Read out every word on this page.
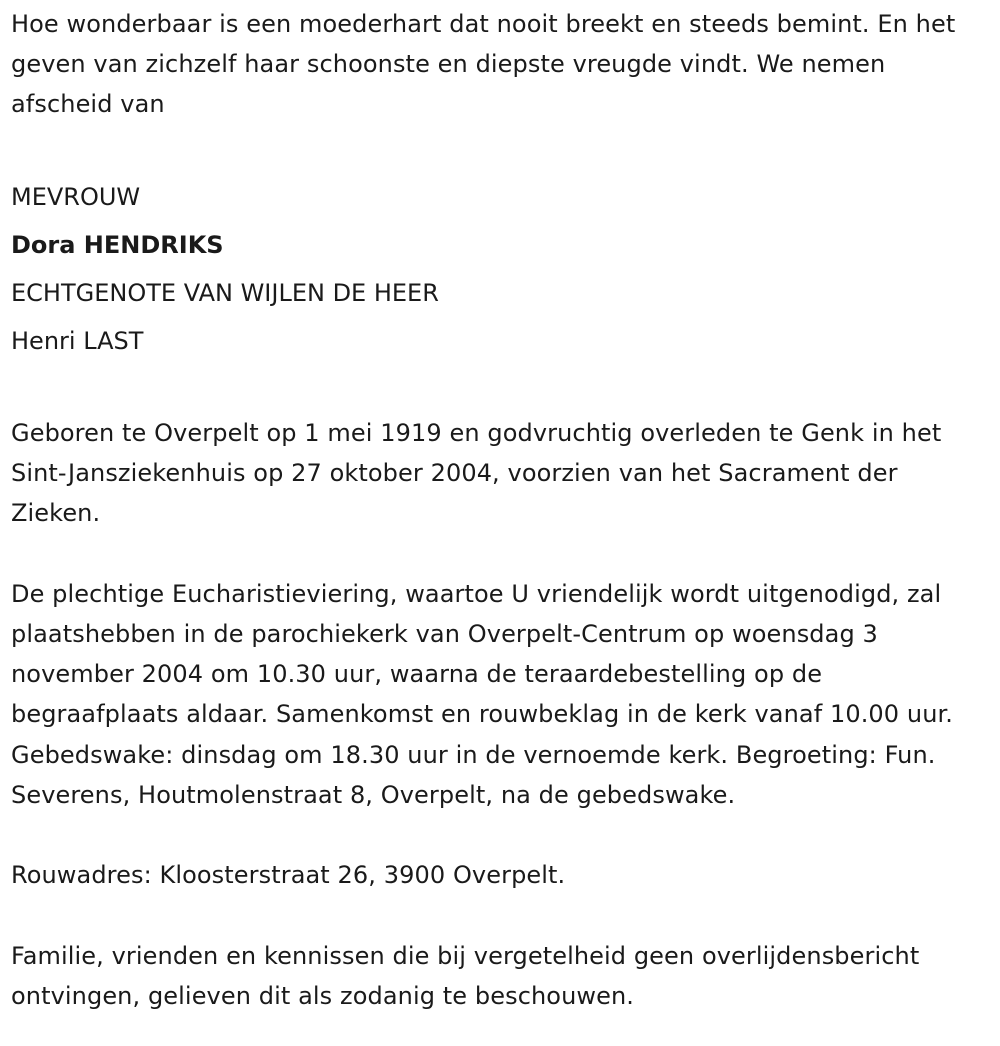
Hoe wonderbaar is een moederhart dat nooit breekt en steeds bemint. En het geven van zichzelf haar schoonste en diepste vreugde vindt. We nemen afscheid van

MEVROUW

Dora HENDRIKS

ECHTGENOTE VAN WIJLEN DE HEER

Henri LAST

Geboren te Overpelt op 1 mei 1919 en godvruchtig overleden te Genk in het Sint-Jansziekenhuis op 27 oktober 2004, voorzien van het Sacrament der Zieken.

De plechtige Eucharistieviering, waartoe U vriendelijk wordt uitgenodigd, zal plaatshebben in de parochiekerk van Overpelt-Centrum op woensdag 3 november 2004 om 10.30 uur, waarna de teraardebestelling op de begraafplaats aldaar. Samenkomst en rouwbeklag in de kerk vanaf 10.00 uur. Gebedswake: dinsdag om 18.30 uur in de vernoemde kerk. Begroeting: Fun. Severens, Houtmolenstraat 8, Overpelt, na de gebedswake.

Rouwadres: Kloosterstraat 26, 3900 Overpelt.

Familie, vrienden en kennissen die bij vergetelheid geen overlijdensbericht ontvingen, gelieven dit als zodanig te beschouwen.
